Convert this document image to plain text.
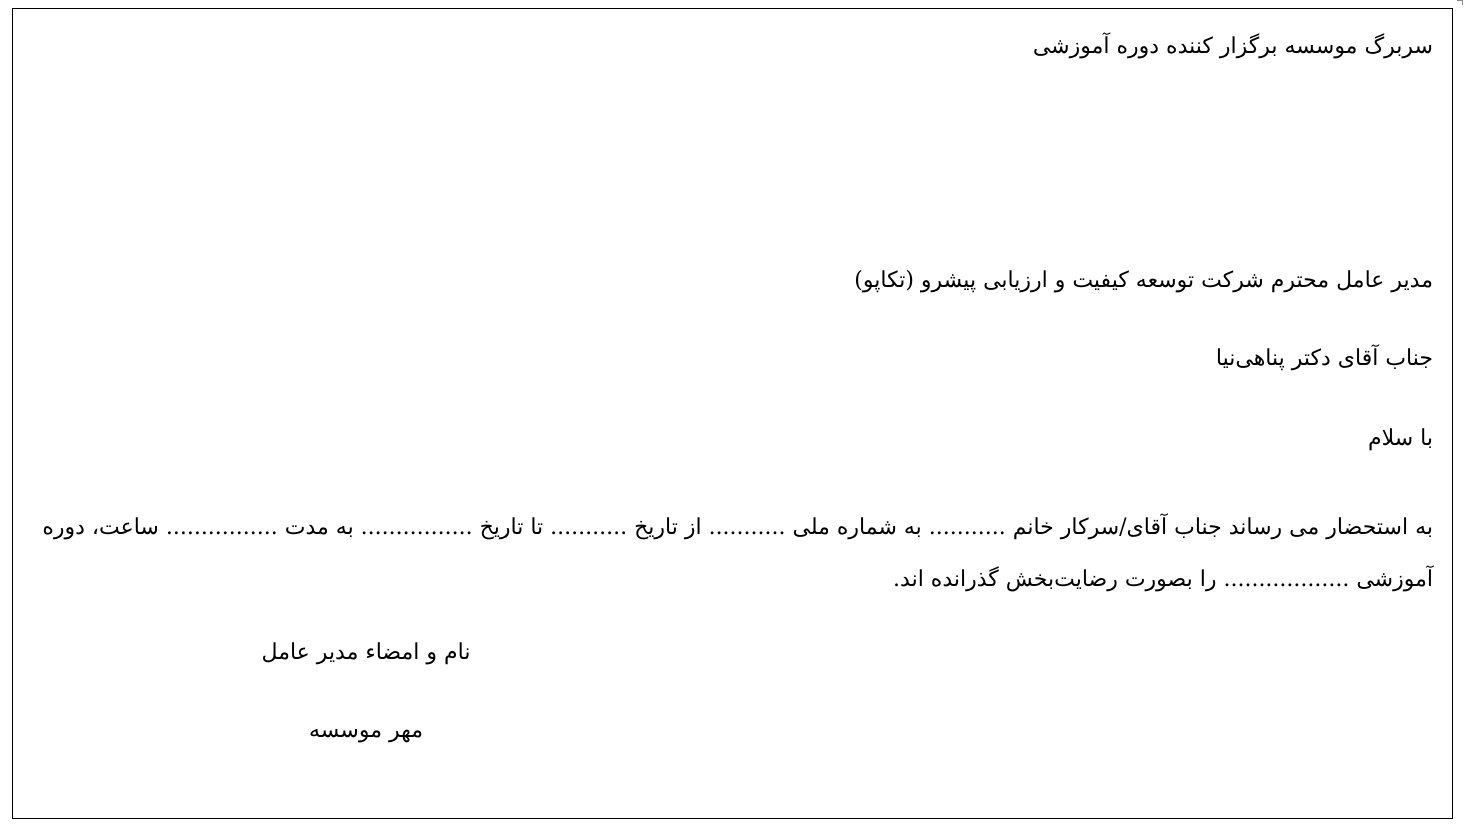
سربرگ موسسه برگزار کننده دوره آموزشی
مدیر عامل محترم شرکت توسعه کیفیت و ارزیابی پیشرو (تکاپو)
جناب آقای دکتر پناهی‌نیا
با سلام
به استحضار می رساند جناب آقای/سرکار خانم ........... به شماره ملی ........... از تاریخ ........... تا تاریخ ................ به مدت ................ ساعت، دوره
آموزشی .................. را بصورت رضایت‌بخش گذرانده اند.
نام و امضاء مدیر عامل
مهر موسسه
